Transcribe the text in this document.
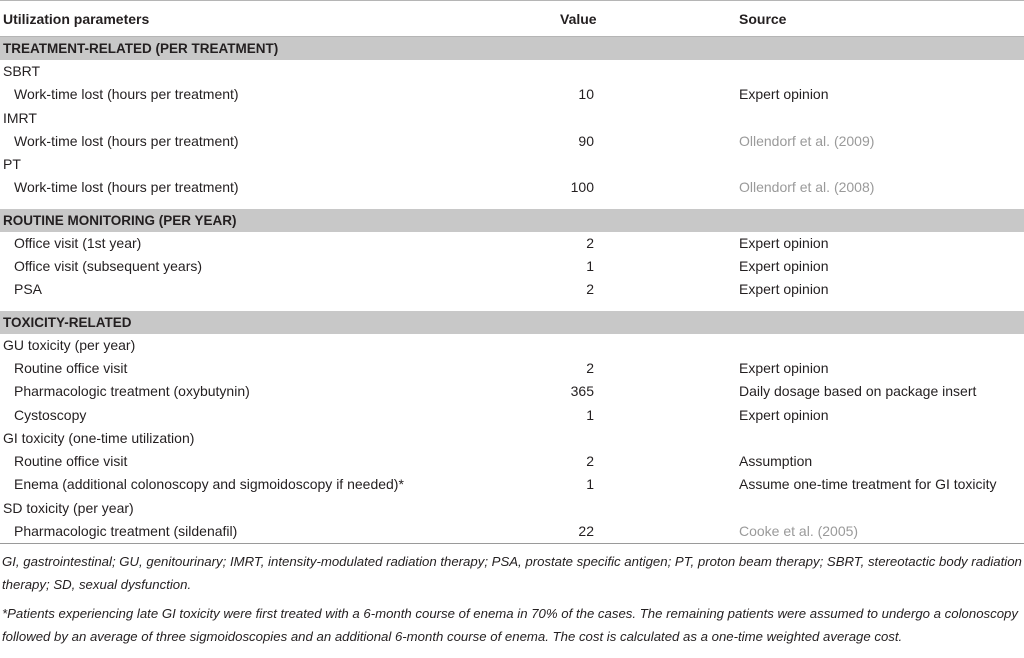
Utilization parameters	Value	Source
TREATMENT-RELATED (PER TREATMENT)
SBRT
Work-time lost (hours per treatment)	10	Expert opinion
IMRT
Work-time lost (hours per treatment)	90	Ollendorf et al. (2009)
PT
Work-time lost (hours per treatment)	100	Ollendorf et al. (2008)
ROUTINE MONITORING (PER YEAR)
Office visit (1st year)	2	Expert opinion
Office visit (subsequent years)	1	Expert opinion
PSA	2	Expert opinion
TOXICITY-RELATED
GU toxicity (per year)
Routine office visit	2	Expert opinion
Pharmacologic treatment (oxybutynin)	365	Daily dosage based on package insert
Cystoscopy	1	Expert opinion
GI toxicity (one-time utilization)
Routine office visit	2	Assumption
Enema (additional colonoscopy and sigmoidoscopy if needed)*	1	Assume one-time treatment for GI toxicity
SD toxicity (per year)
Pharmacologic treatment (sildenafil)	22	Cooke et al. (2005)

GI, gastrointestinal; GU, genitourinary; IMRT, intensity-modulated radiation therapy; PSA, prostate specific antigen; PT, proton beam therapy; SBRT, stereotactic body radiation therapy; SD, sexual dysfunction.

*Patients experiencing late GI toxicity were first treated with a 6-month course of enema in 70% of the cases. The remaining patients were assumed to undergo a colonoscopy followed by an average of three sigmoidoscopies and an additional 6-month course of enema. The cost is calculated as a one-time weighted average cost.
